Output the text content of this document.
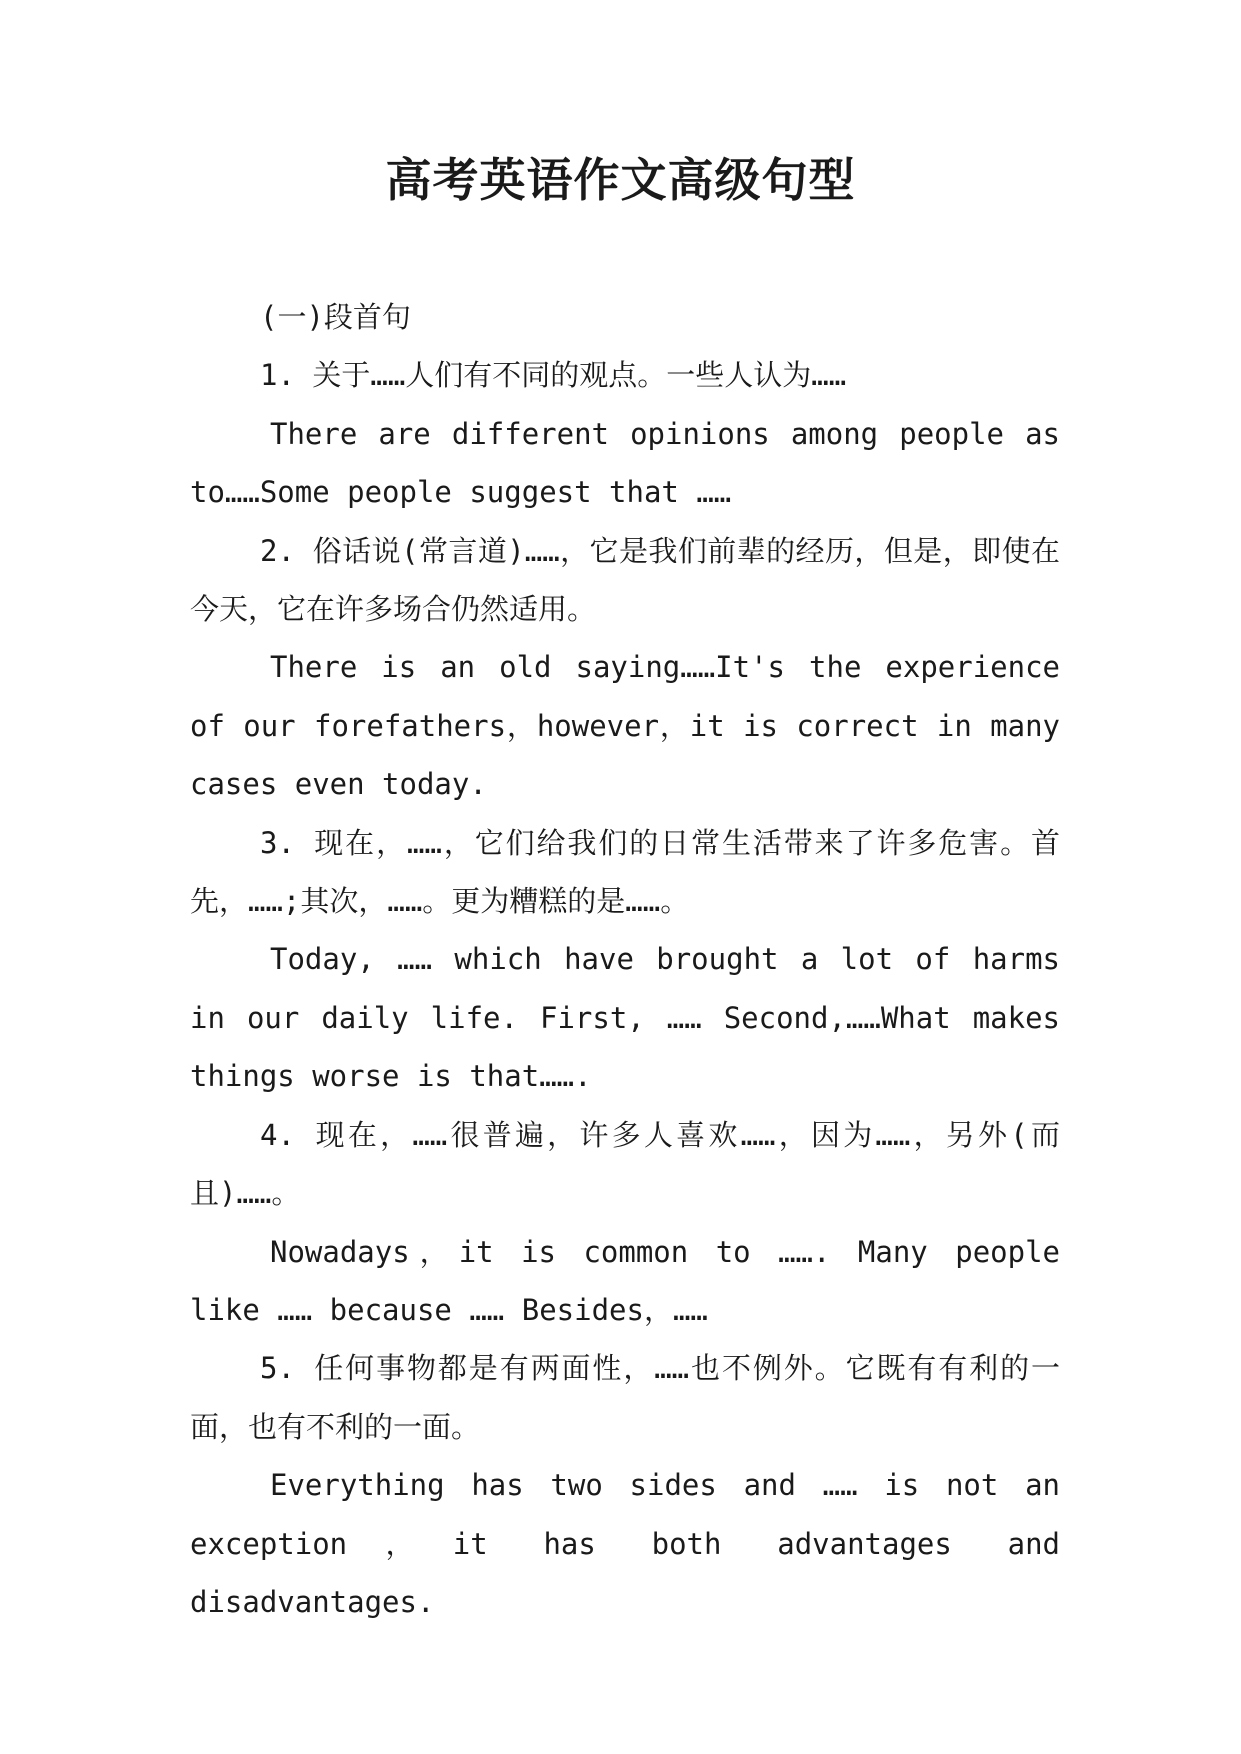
高考英语作文高级句型

(一)段首句

1. 关于……人们有不同的观点。一些人认为……

There are different opinions among people as to……Some people suggest that ……

2. 俗话说(常言道)……，它是我们前辈的经历，但是，即使在今天，它在许多场合仍然适用。

There is an old saying……It's the experience of our forefathers，however，it is correct in many cases even today.

3. 现在，……，它们给我们的日常生活带来了许多危害。首先，……;其次，……。更为糟糕的是……。

Today, …… which have brought a lot of harms in our daily life. First, …… Second,……What makes things worse is that…….

4. 现在，……很普遍，许多人喜欢……，因为……，另外(而且)……。

Nowadays，it is common to ……. Many people like …… because …… Besides，……

5. 任何事物都是有两面性，……也不例外。它既有有利的一面，也有不利的一面。

Everything has two sides and …… is not an exception，it has both advantages and disadvantages.
